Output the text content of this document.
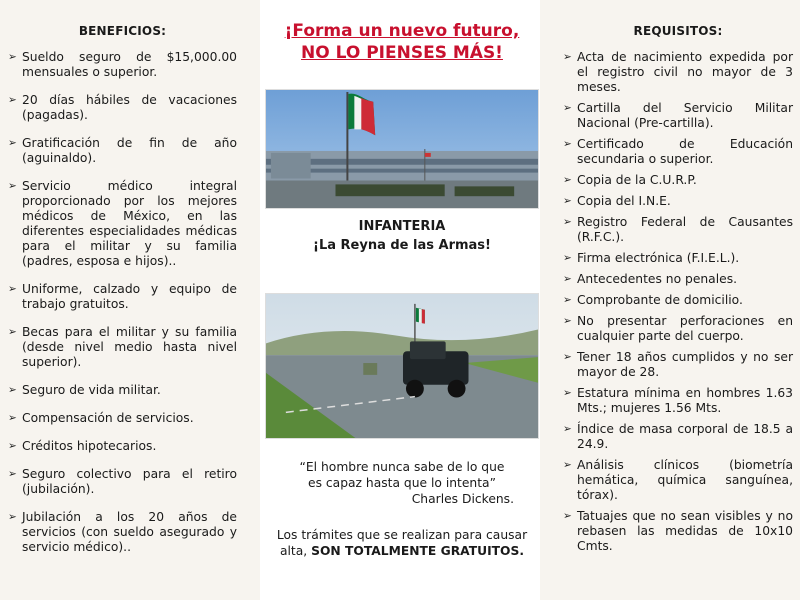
BENEFICIOS:
➢ Sueldo seguro de $15,000.00 mensuales o superior.
➢ 20 días hábiles de vacaciones (pagadas).
➢ Gratificación de fin de año (aguinaldo).
➢ Servicio médico integral proporcionado por los mejores médicos de México, en las diferentes especialidades médicas para el militar y su familia (padres, esposa e hijos)..
➢ Uniforme, calzado y equipo de trabajo gratuitos.
➢ Becas para el militar y su familia (desde nivel medio hasta nivel superior).
➢ Seguro de vida militar.
➢ Compensación de servicios.
➢ Créditos hipotecarios.
➢ Seguro colectivo para el retiro (jubilación).
➢ Jubilación a los 20 años de servicios (con sueldo asegurado y servicio médico)..
¡Forma un nuevo futuro,
NO LO PIENSES MÁS!
INFANTERIA
¡La Reyna de las Armas!
“El hombre nunca sabe de lo que
es capaz hasta que lo intenta”
Charles Dickens.
Los trámites que se realizan para causar alta, SON TOTALMENTE GRATUITOS.
REQUISITOS:
➢ Acta de nacimiento expedida por el registro civil no mayor de 3 meses.
➢ Cartilla del Servicio Militar Nacional (Pre-cartilla).
➢ Certificado de Educación secundaria o superior.
➢ Copia de la C.U.R.P.
➢ Copia del I.N.E.
➢ Registro Federal de Causantes (R.F.C.).
➢ Firma electrónica (F.I.E.L.).
➢ Antecedentes no penales.
➢ Comprobante de domicilio.
➢ No presentar perforaciones en cualquier parte del cuerpo.
➢ Tener 18 años cumplidos y no ser mayor de 28.
➢ Estatura mínima en hombres 1.63 Mts.; mujeres 1.56 Mts.
➢ Índice de masa corporal de 18.5 a 24.9.
➢ Análisis clínicos (biometría hemática, química sanguínea, tórax).
➢ Tatuajes que no sean visibles y no rebasen las medidas de 10x10 Cmts.
